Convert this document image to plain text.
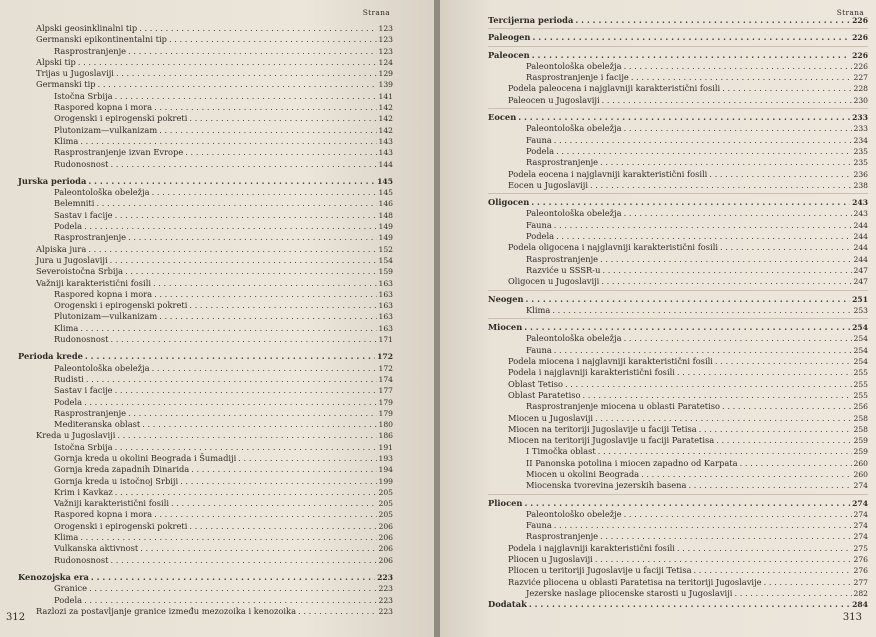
Strana
Alpski geosinklinalni tip . . .	123
Germanski epikontinentalni tip . . .	123
Rasprostranjenje . . .	123
Alpski tip . . .	124
Trijas u Jugoslaviji . . .	129
Germanski tip . . .	139
Istočna Srbija . . .	141
Raspored kopna i mora . . .	142
Orogenski i epirogenski pokreti . . .	142
Plutonizam—vulkanizam . . .	142
Klima . . .	143
Rasprostranjenje izvan Evrope . . .	143
Rudonosnost . . .	144
Jurska perioda . . .	145
Paleontološka obeležja . . .	145
Belemniti . . .	146
Sastav i facije . . .	148
Podela . . .	149
Rasprostranjenje . . .	149
Alpiska jura . . .	152
Jura u Jugoslaviji . . .	154
Severoistočna Srbija . . .	159
Važniji karakteristični fosili . . .	163
Raspored kopna i mora . . .	163
Orogenski i epirogenski pokreti . . .	163
Plutonizam—vulkanizam . . .	163
Klima . . .	163
Rudonosnost . . .	171
Perioda krede . . .	172
Paleontološka obeležja . . .	172
Rudisti . . .	174
Sastav i facije . . .	177
Podela . . .	179
Rasprostranjenje . . .	179
Mediteranska oblast . . .	180
Kreda u Jugoslaviji . . .	186
Istočna Srbija . . .	191
Gornja kreda u okolini Beograda i Šumadiji . . .	193
Gornja kreda zapadnih Dinarida . . .	194
Gornja kreda u istočnoj Srbiji . . .	199
Krim i Kavkaz . . .	205
Važniji karakteristični fosili . . .	205
Raspored kopna i mora . . .	205
Orogenski i epirogenski pokreti . . .	206
Klima . . .	206
Vulkanska aktivnost . . .	206
Rudonosnost . . .	206
Kenozojska era . . .	223
Granice . . .	223
Podela . . .	223
Razlozi za postavljanje granice između mezozoika i kenozoika . . .	223
312
Strana
Tercijerna perioda . . .	226
Paleogen . . .	226
Paleocen . . .	226
Paleontološka obeležja . . .	226
Rasprostranjenje i facije . . .	227
Podela paleocena i najglavniji karakteristični fosili . . .	228
Paleocen u Jugoslaviji . . .	230
Eocen . . .	233
Paleontološka obeležja . . .	233
Fauna . . .	234
Podela . . .	235
Rasprostranjenje . . .	235
Podela eocena i najglavniji karakteristični fosili . . .	236
Eocen u Jugoslaviji . . .	238
Oligocen . . .	243
Paleontološka obeležja . . .	243
Fauna . . .	244
Podela . . .	244
Podela oligocena i najglavniji karakteristični fosili . . .	244
Rasprostranjenje . . .	244
Razviće u SSSR-u . . .	247
Oligocen u Jugoslaviji . . .	247
Neogen . . .	251
Klima . . .	253
Miocen . . .	254
Paleontološka obeležja . . .	254
Fauna . . .	254
Podela miocena i najglavniji karakteristični fosili . . .	254
Podela i najglavniji karakteristični fosili . . .	255
Oblast Tetiso . . .	255
Oblast Paratetiso . . .	255
Rasprostranjenje miocena u oblasti Paratetiso . . .	256
Miocen u Jugoslaviji . . .	258
Miocen na teritoriji Jugoslavije u faciji Tetisa . . .	258
Miocen na teritoriji Jugoslavije u faciji Paratetisa . . .	259
I Timočka oblast . . .	259
II Panonska potolina i miocen zapadno od Karpata . . .	260
Miocen u okolini Beograda . . .	260
Miocenska tvorevina jezerskih basena . . .	274
Pliocen . . .	274
Paleontološko obeležje . . .	274
Fauna . . .	274
Rasprostranjenje . . .	274
Podela i najglavniji karakteristični fosili . . .	275
Pliocen u Jugoslaviji . . .	276
Pliocen u teritoriji Jugoslavije u faciji Tetisa . . .	276
Razviće pliocena u oblasti Paratetisa na teritoriji Jugoslavije . . .	277
Jezerske naslage pliocenske starosti u Jugoslaviji . . .	282
Dodatak . . .	284
313
